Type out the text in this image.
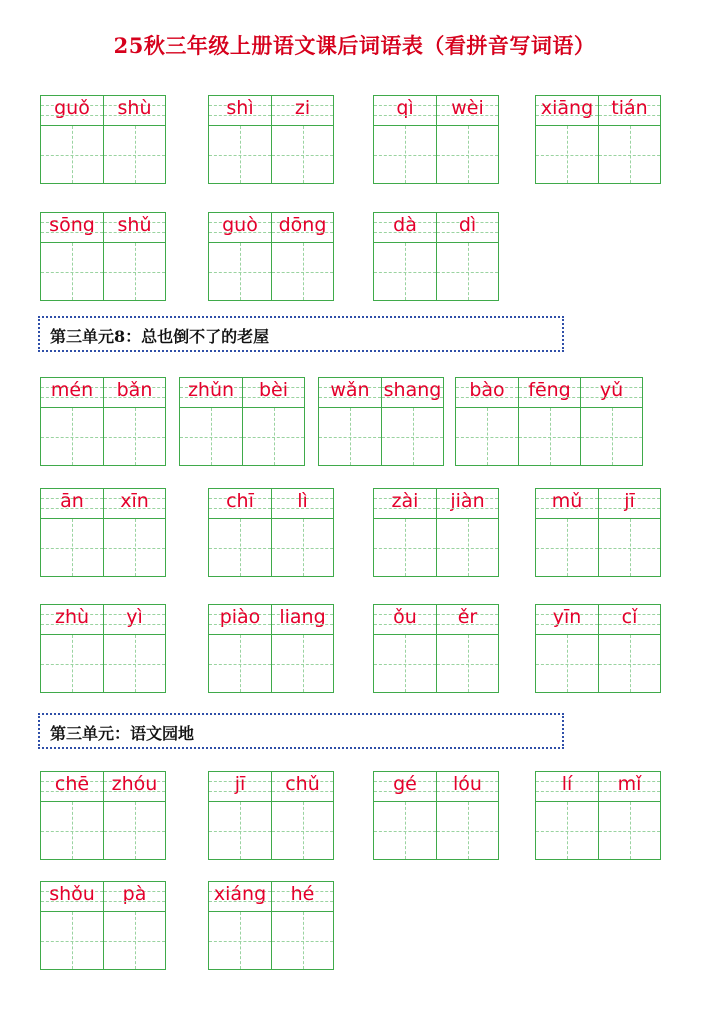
25秋三年级上册语文课后词语表（看拼音写词语）
guǒ	shù	shì	zi	qì	wèi	xiāng tián
sōng	shǔ	guò	dōng	dà	dì
第三单元8：总也倒不了的老屋
mén	bǎn	zhǔn	bèi	wǎn shang	bào	fēng	yǔ
ān	xīn	chī	lì	zài	jiàn	mǔ	jī
zhù	yì	piào	liang	ǒu	ěr	yīn	cǐ
第三单元：语文园地
chē	zhóu	jī	chǔ	gé	lóu	lí	mǐ
shǒu	pà	xiáng	hé
